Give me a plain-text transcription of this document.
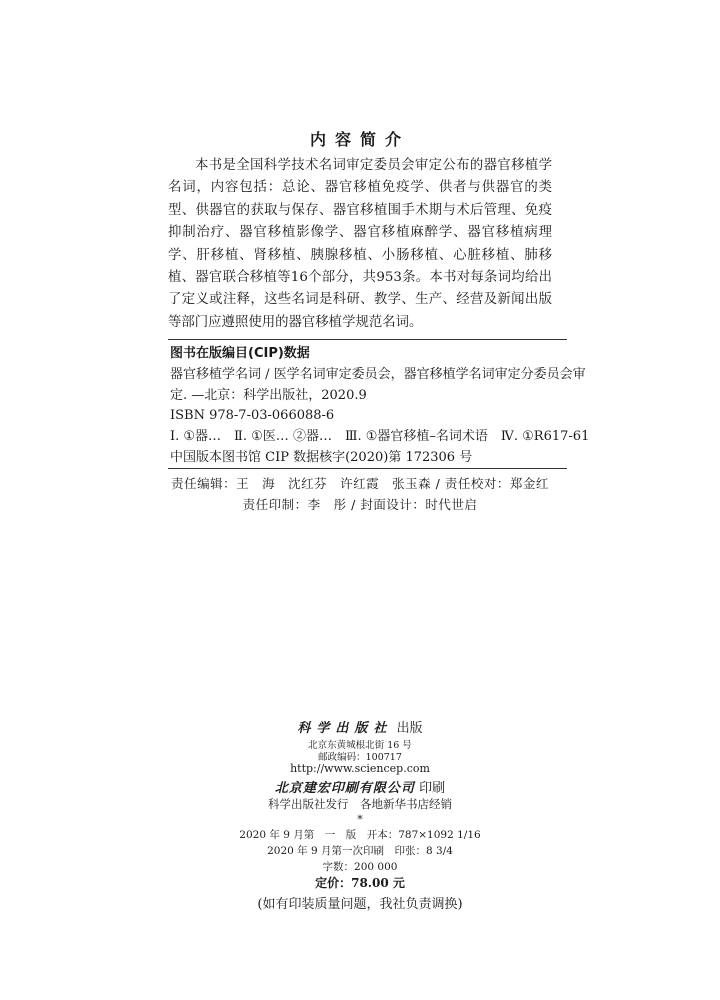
内容简介

本书是全国科学技术名词审定委员会审定公布的器官移植学名词，内容包括：总论、器官移植免疫学、供者与供器官的类型、供器官的获取与保存、器官移植围手术期与术后管理、免疫抑制治疗、器官移植影像学、器官移植麻醉学、器官移植病理学、肝移植、肾移植、胰腺移植、小肠移植、心脏移植、肺移植、器官联合移植等16个部分，共953条。本书对每条词均给出了定义或注释，这些名词是科研、教学、生产、经营及新闻出版等部门应遵照使用的器官移植学规范名词。

图书在版编目(CIP)数据
器官移植学名词 / 医学名词审定委员会，器官移植学名词审定分委员会审
定. —北京：科学出版社，2020.9
ISBN 978-7-03-066088-6
Ⅰ. ①器…　Ⅱ. ①医… ②器…　Ⅲ. ①器官移植–名词术语　Ⅳ. ①R617-61
中国版本图书馆 CIP 数据核字(2020)第 172306 号
责任编辑：王　海　沈红芬　许红霞　张玉森 / 责任校对：郑金红
责任印制：李　彤 / 封面设计：时代世启
科学出版社 出版
北京东黄城根北街 16 号
邮政编码：100717
http://www.sciencep.com
北京建宏印刷有限公司 印刷
科学出版社发行　各地新华书店经销
*
2020 年 9 月第　一　版　开本：787×1092 1/16
2020 年 9 月第一次印刷　印张：8 3/4
字数：200 000
定价：78.00 元
(如有印装质量问题，我社负责调换)
